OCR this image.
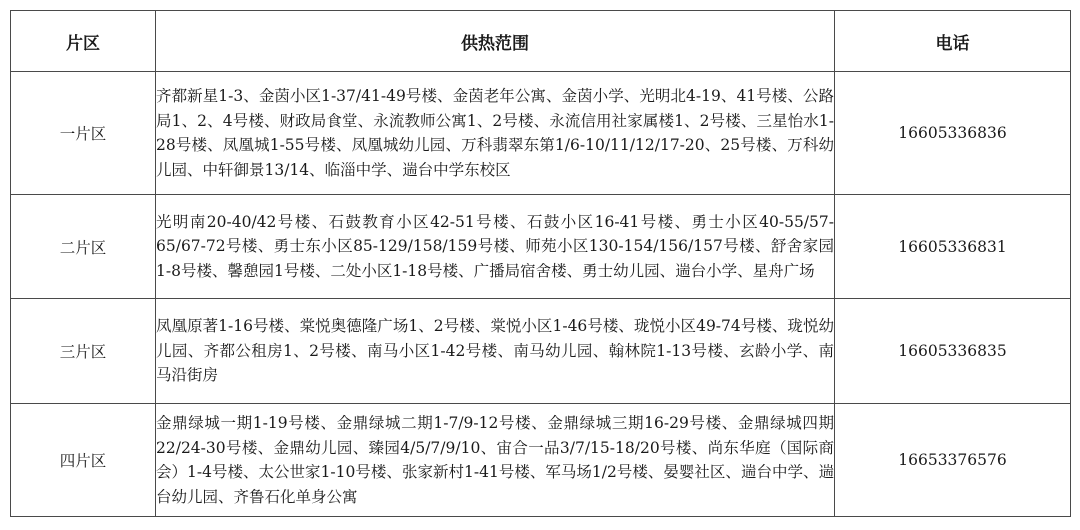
片区	供热范围	电话
一片区	齐都新星1-3、金茵小区1-37/41-49号楼、金茵老年公寓、金茵小学、光明北4-19、41号楼、公路局1、2、4号楼、财政局食堂、永流教师公寓1、2号楼、永流信用社家属楼1、2号楼、三星怡水1-28号楼、凤凰城1-55号楼、凤凰城幼儿园、万科翡翠东第1/6-10/11/12/17-20、25号楼、万科幼儿园、中轩御景13/14、临淄中学、遄台中学东校区	16605336836
二片区	光明南20-40/42号楼、石鼓教育小区42-51号楼、石鼓小区16-41号楼、勇士小区40-55/57-65/67-72号楼、勇士东小区85-129/158/159号楼、师苑小区130-154/156/157号楼、舒舍家园1-8号楼、馨憩园1号楼、二处小区1-18号楼、广播局宿舍楼、勇士幼儿园、遄台小学、星舟广场	16605336831
三片区	凤凰原著1-16号楼、棠悦奥德隆广场1、2号楼、棠悦小区1-46号楼、珑悦小区49-74号楼、珑悦幼儿园、齐都公租房1、2号楼、南马小区1-42号楼、南马幼儿园、翰林院1-13号楼、玄龄小学、南马沿街房	16605336835
四片区	金鼎绿城一期1-19号楼、金鼎绿城二期1-7/9-12号楼、金鼎绿城三期16-29号楼、金鼎绿城四期22/24-30号楼、金鼎幼儿园、臻园4/5/7/9/10、宙合一品3/7/15-18/20号楼、尚东华庭（国际商会）1-4号楼、太公世家1-10号楼、张家新村1-41号楼、军马场1/2号楼、晏婴社区、遄台中学、遄台幼儿园、齐鲁石化单身公寓	16653376576
